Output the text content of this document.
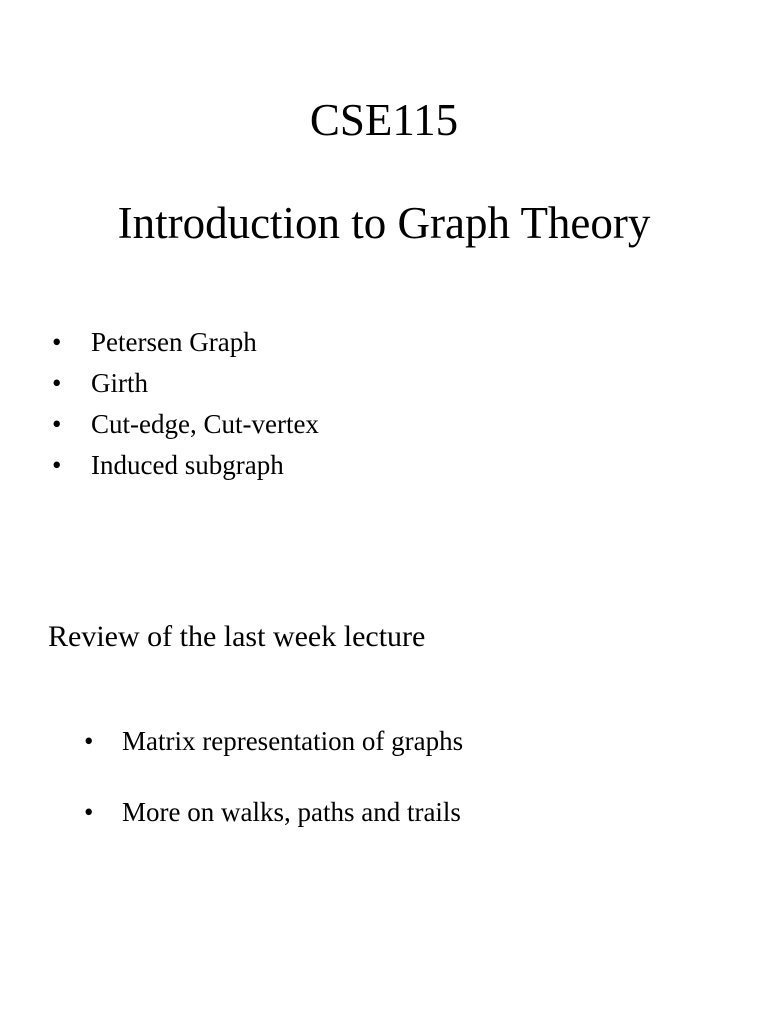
CSE115
Introduction to Graph Theory
• Petersen Graph
• Girth
• Cut-edge, Cut-vertex
• Induced subgraph
Review of the last week lecture
• Matrix representation of graphs
• More on walks, paths and trails
